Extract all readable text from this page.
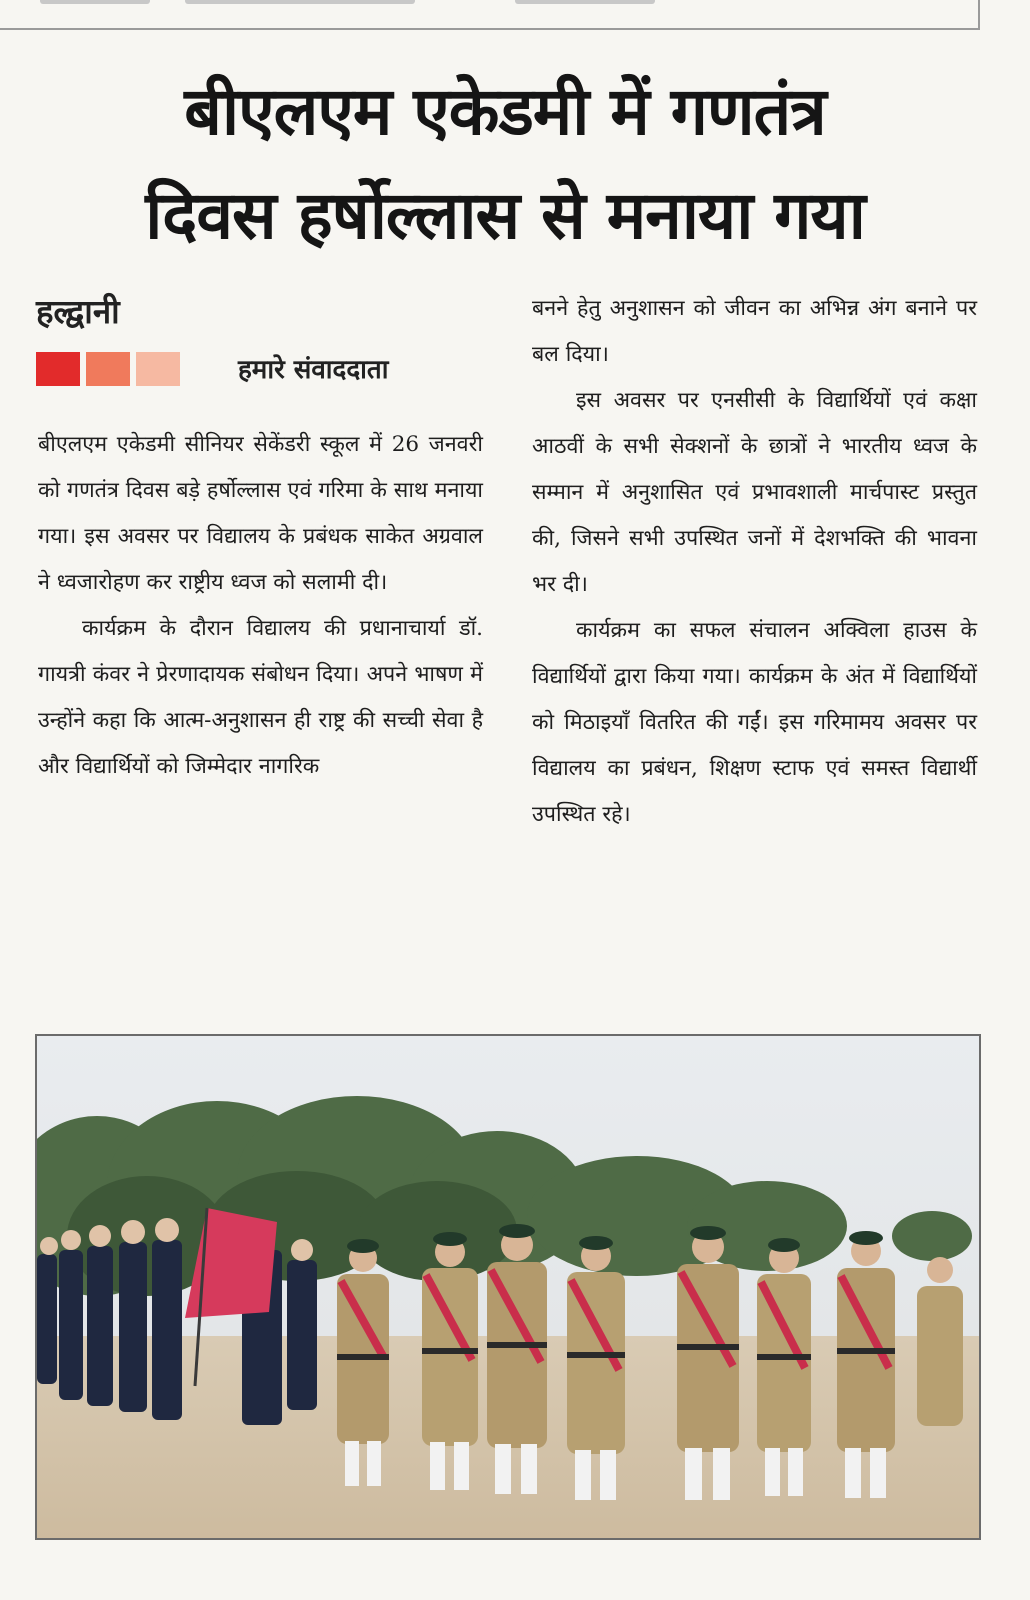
बीएलएम एकेडमी में गणतंत्र
दिवस हर्षोल्लास से मनाया गया
हल्द्वानी
हमारे संवाददाता

बीएलएम एकेडमी सीनियर सेकेंडरी स्कूल में 26 जनवरी को गणतंत्र दिवस बड़े हर्षोल्लास एवं गरिमा के साथ मनाया गया। इस अवसर पर विद्यालय के प्रबंधक साकेत अग्रवाल ने ध्वजारोहण कर राष्ट्रीय ध्वज को सलामी दी।

कार्यक्रम के दौरान विद्यालय की प्रधानाचार्या डॉ. गायत्री कंवर ने प्रेरणादायक संबोधन दिया। अपने भाषण में उन्होंने कहा कि आत्म-अनुशासन ही राष्ट्र की सच्ची सेवा है और विद्यार्थियों को जिम्मेदार नागरिक

बनने हेतु अनुशासन को जीवन का अभिन्न अंग बनाने पर बल दिया।

इस अवसर पर एनसीसी के विद्यार्थियों एवं कक्षा आठवीं के सभी सेक्शनों के छात्रों ने भारतीय ध्वज के सम्मान में अनुशासित एवं प्रभावशाली मार्चपास्ट प्रस्तुत की, जिसने सभी उपस्थित जनों में देशभक्ति की भावना भर दी।

कार्यक्रम का सफल संचालन अक्विला हाउस के विद्यार्थियों द्वारा किया गया। कार्यक्रम के अंत में विद्यार्थियों को मिठाइयाँ वितरित की गईं। इस गरिमामय अवसर पर विद्यालय का प्रबंधन, शिक्षण स्टाफ एवं समस्त विद्यार्थी उपस्थित रहे।
